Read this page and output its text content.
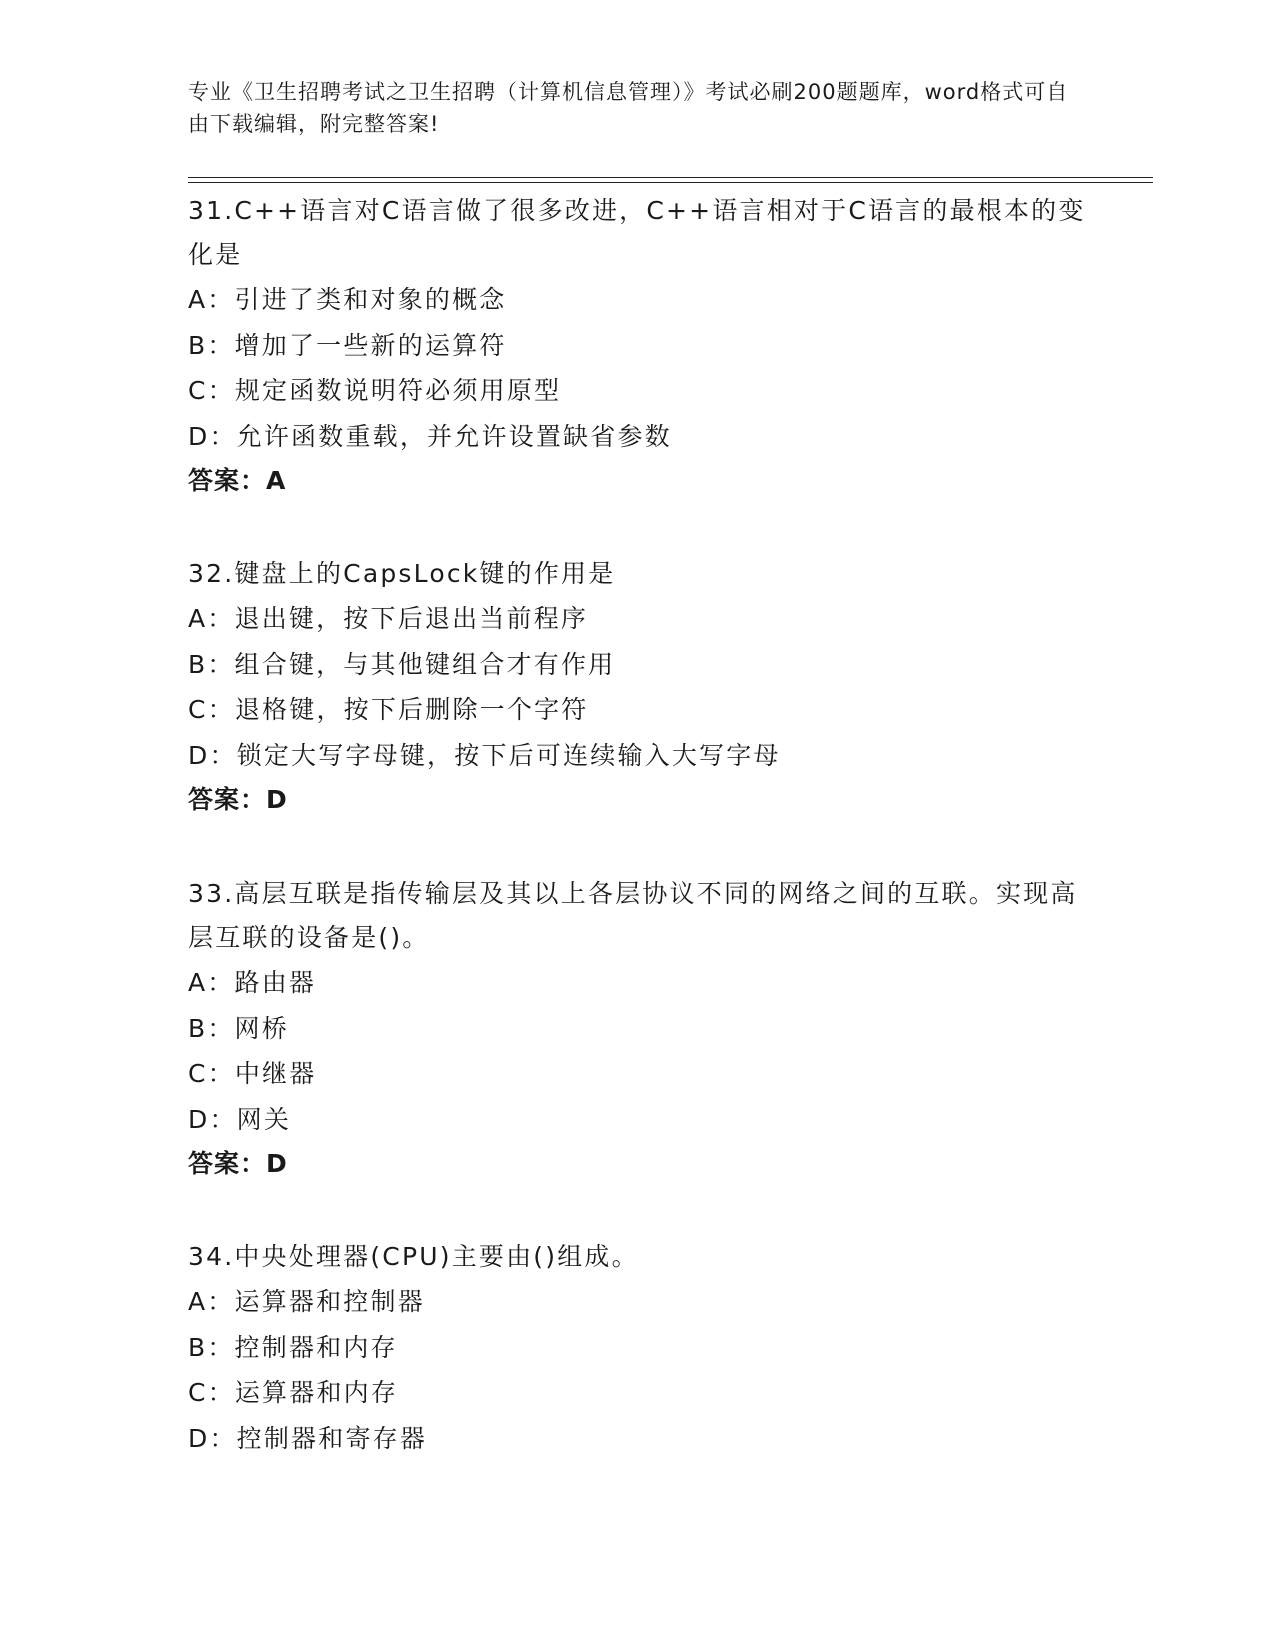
专业《卫生招聘考试之卫生招聘（计算机信息管理）》考试必刷200题题库，word格式可自由下载编辑，附完整答案!
31.C++语言对C语言做了很多改进，C++语言相对于C语言的最根本的变化是
A：引进了类和对象的概念
B：增加了一些新的运算符
C：规定函数说明符必须用原型
D：允许函数重载，并允许设置缺省参数
答案：A
32.键盘上的CapsLock键的作用是
A：退出键，按下后退出当前程序
B：组合键，与其他键组合才有作用
C：退格键，按下后删除一个字符
D：锁定大写字母键，按下后可连续输入大写字母
答案：D
33.高层互联是指传输层及其以上各层协议不同的网络之间的互联。实现高层互联的设备是()。
A：路由器
B：网桥
C：中继器
D：网关
答案：D
34.中央处理器(CPU)主要由()组成。
A：运算器和控制器
B：控制器和内存
C：运算器和内存
D：控制器和寄存器
